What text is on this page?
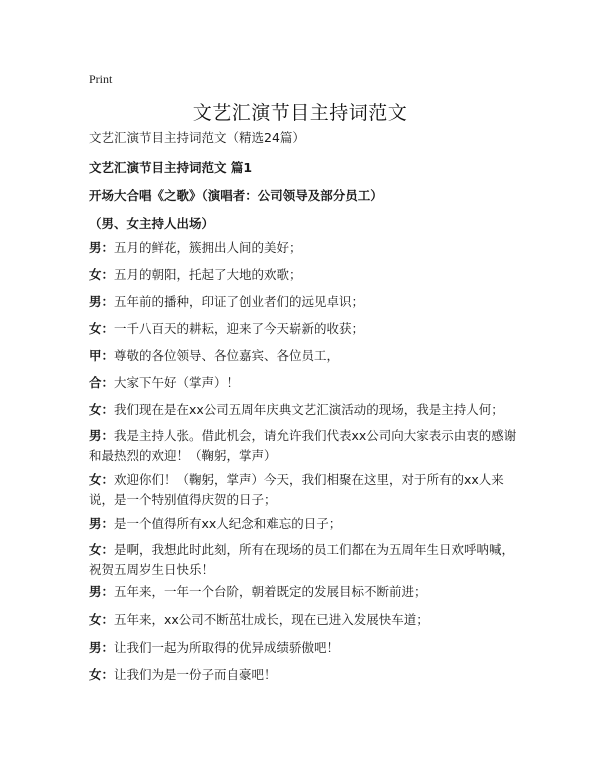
Print
文艺汇演节目主持词范文
文艺汇演节目主持词范文（精选24篇）
文艺汇演节目主持词范文 篇1
开场大合唱《之歌》（演唱者：公司领导及部分员工）
（男、女主持人出场）
男：五月的鲜花，簇拥出人间的美好；
女：五月的朝阳，托起了大地的欢歌；
男：五年前的播种，印证了创业者们的远见卓识；
女：一千八百天的耕耘，迎来了今天崭新的收获；
甲：尊敬的各位领导、各位嘉宾、各位员工，
合：大家下午好（掌声）！
女：我们现在是在xx公司五周年庆典文艺汇演活动的现场，我是主持人何；
男：我是主持人张。借此机会，请允许我们代表xx公司向大家表示由衷的感谢和最热烈的欢迎！（鞠躬，掌声）
女：欢迎你们！（鞠躬，掌声）今天，我们相聚在这里，对于所有的xx人来说，是一个特别值得庆贺的日子；
男：是一个值得所有xx人纪念和难忘的日子；
女：是啊，我想此时此刻，所有在现场的员工们都在为五周年生日欢呼呐喊，祝贺五周岁生日快乐！
男：五年来，一年一个台阶，朝着既定的发展目标不断前进；
女：五年来，xx公司不断茁壮成长，现在已进入发展快车道；
男：让我们一起为所取得的优异成绩骄傲吧！
女：让我们为是一份子而自豪吧！
